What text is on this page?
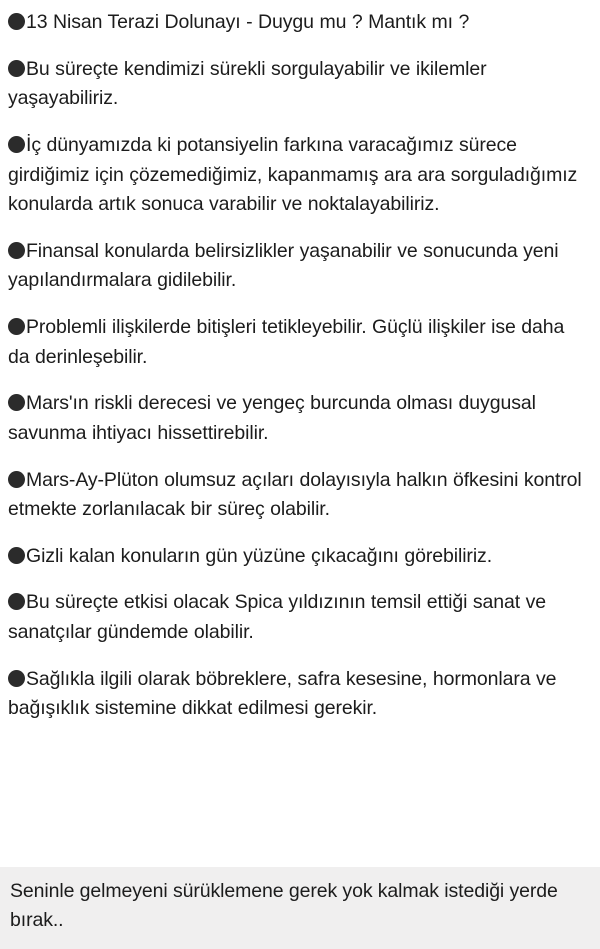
13 Nisan Terazi Dolunayı - Duygu mu ? Mantık mı ?

Bu süreçte kendimizi sürekli sorgulayabilir ve ikilemler yaşayabiliriz.

İç dünyamızda ki potansiyelin farkına varacağımız sürece girdiğimiz için çözemediğimiz, kapanmamış ara ara sorguladığımız konularda artık sonuca varabilir ve noktalayabiliriz.

Finansal konularda belirsizlikler yaşanabilir ve sonucunda yeni yapılandırmalara gidilebilir.

Problemli ilişkilerde bitişleri tetikleyebilir. Güçlü ilişkiler ise daha da derinleşebilir.

Mars'ın riskli derecesi ve yengeç burcunda olması duygusal savunma ihtiyacı hissettirebilir.

Mars-Ay-Plüton olumsuz açıları dolayısıyla halkın öfkesini kontrol etmekte zorlanılacak bir süreç olabilir.

Gizli kalan konuların gün yüzüne çıkacağını görebiliriz.

Bu süreçte etkisi olacak Spica yıldızının temsil ettiği sanat ve sanatçılar gündemde olabilir.

Sağlıkla ilgili olarak böbreklere, safra kesesine, hormonlara ve bağışıklık sistemine dikkat edilmesi gerekir.

Seninle gelmeyeni sürüklemene gerek yok kalmak istediği yerde bırak..
